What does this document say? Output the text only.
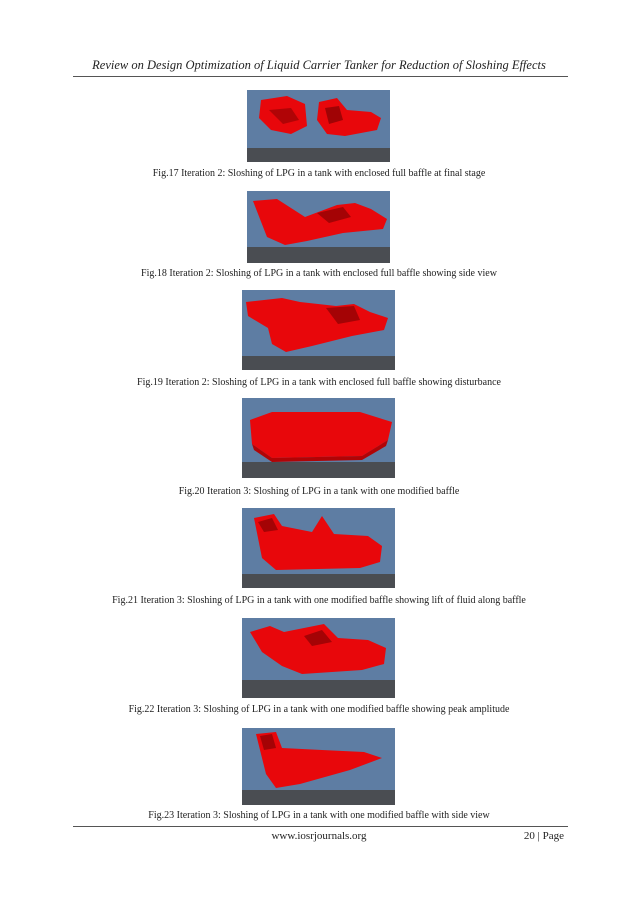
Review on Design Optimization of Liquid Carrier Tanker for Reduction of Sloshing Effects
Fig.17 Iteration 2: Sloshing of LPG in a tank with enclosed full baffle at final stage
Fig.18 Iteration 2: Sloshing of LPG in a tank with enclosed full baffle showing side view
Fig.19 Iteration 2: Sloshing of LPG in a tank with enclosed full baffle showing disturbance
Fig.20 Iteration 3: Sloshing of LPG in a tank with one modified baffle
Fig.21 Iteration 3: Sloshing of LPG in a tank with one modified baffle showing lift of fluid along baffle
Fig.22 Iteration 3: Sloshing of LPG in a tank with one modified baffle showing peak amplitude
Fig.23 Iteration 3: Sloshing of LPG in a tank with one modified baffle with side view
www.iosrjournals.org	20 | Page
